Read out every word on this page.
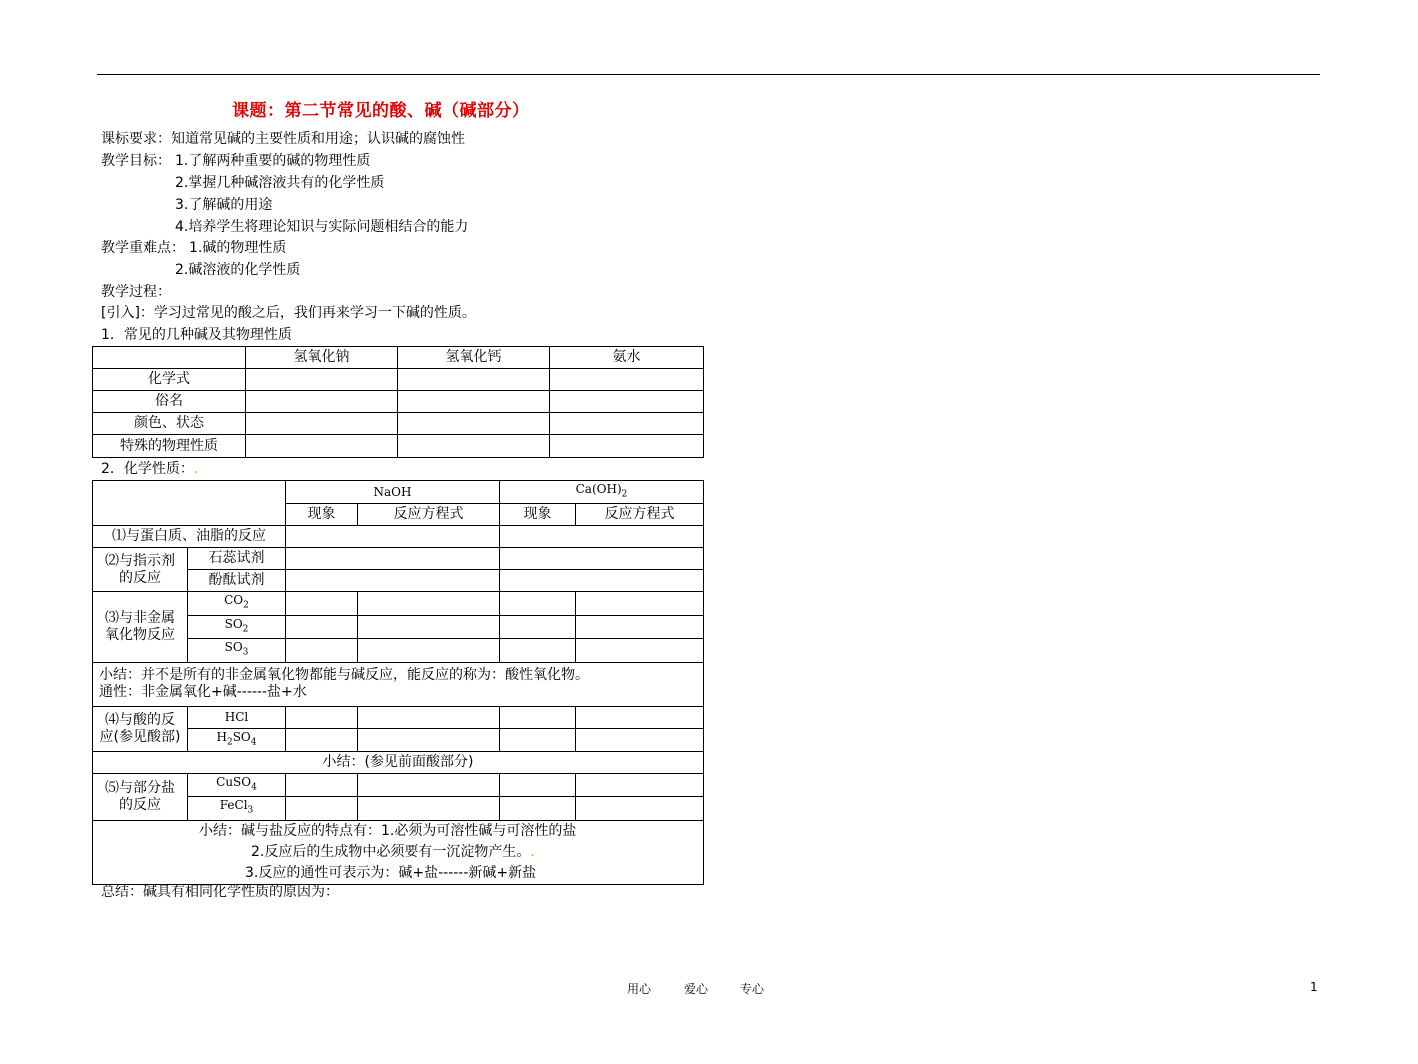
课题：第二节常见的酸、碱（碱部分）
课标要求：知道常见碱的主要性质和用途；认识碱的腐蚀性
教学目标： 1.了解两种重要的碱的物理性质
2.掌握几种碱溶液共有的化学性质
3.了解碱的用途
4.培养学生将理论知识与实际问题相结合的能力
教学重难点： 1.碱的物理性质
2.碱溶液的化学性质
教学过程：
[引入]：学习过常见的酸之后，我们再来学习一下碱的性质。
1．常见的几种碱及其物理性质
	氢氧化钠	氢氧化钙	氨水
化学式			
俗名			
颜色、状态			
特殊的物理性质			
2．化学性质：.
		NaOH		$Ca(OH)_2$
		现象	反应方程式	现象	反应方程式
⑴与蛋白质、油脂的反应					

⑵与指示剂
的反应	石蕊试剂				
	酚酞试剂				

⑶与非金属
氧化物反应	$CO_2$				
	$SO_2$				
	$SO_3$				

小结：并不是所有的非金属氧化物都能与碱反应，能反应的称为：酸性氧化物。
通性：非金属氧化+碱------盐+水					

⑷与酸的反
应(参见酸部)	HCl				
	$H_2SO_4$				
小结：(参见前面酸部分)					

⑸与部分盐
的反应	CuSO$_4$				
	FeCl$_3$				

小结：碱与盐反应的特点有：1.必须为可溶性碱与可溶性的盐
2.反应后的生成物中必须要有一沉淀物产生。.
3.反应的通性可表示为：碱+盐------新碱+新盐					
总结：碱具有相同化学性质的原因为：
用心	爱心	专心	1
